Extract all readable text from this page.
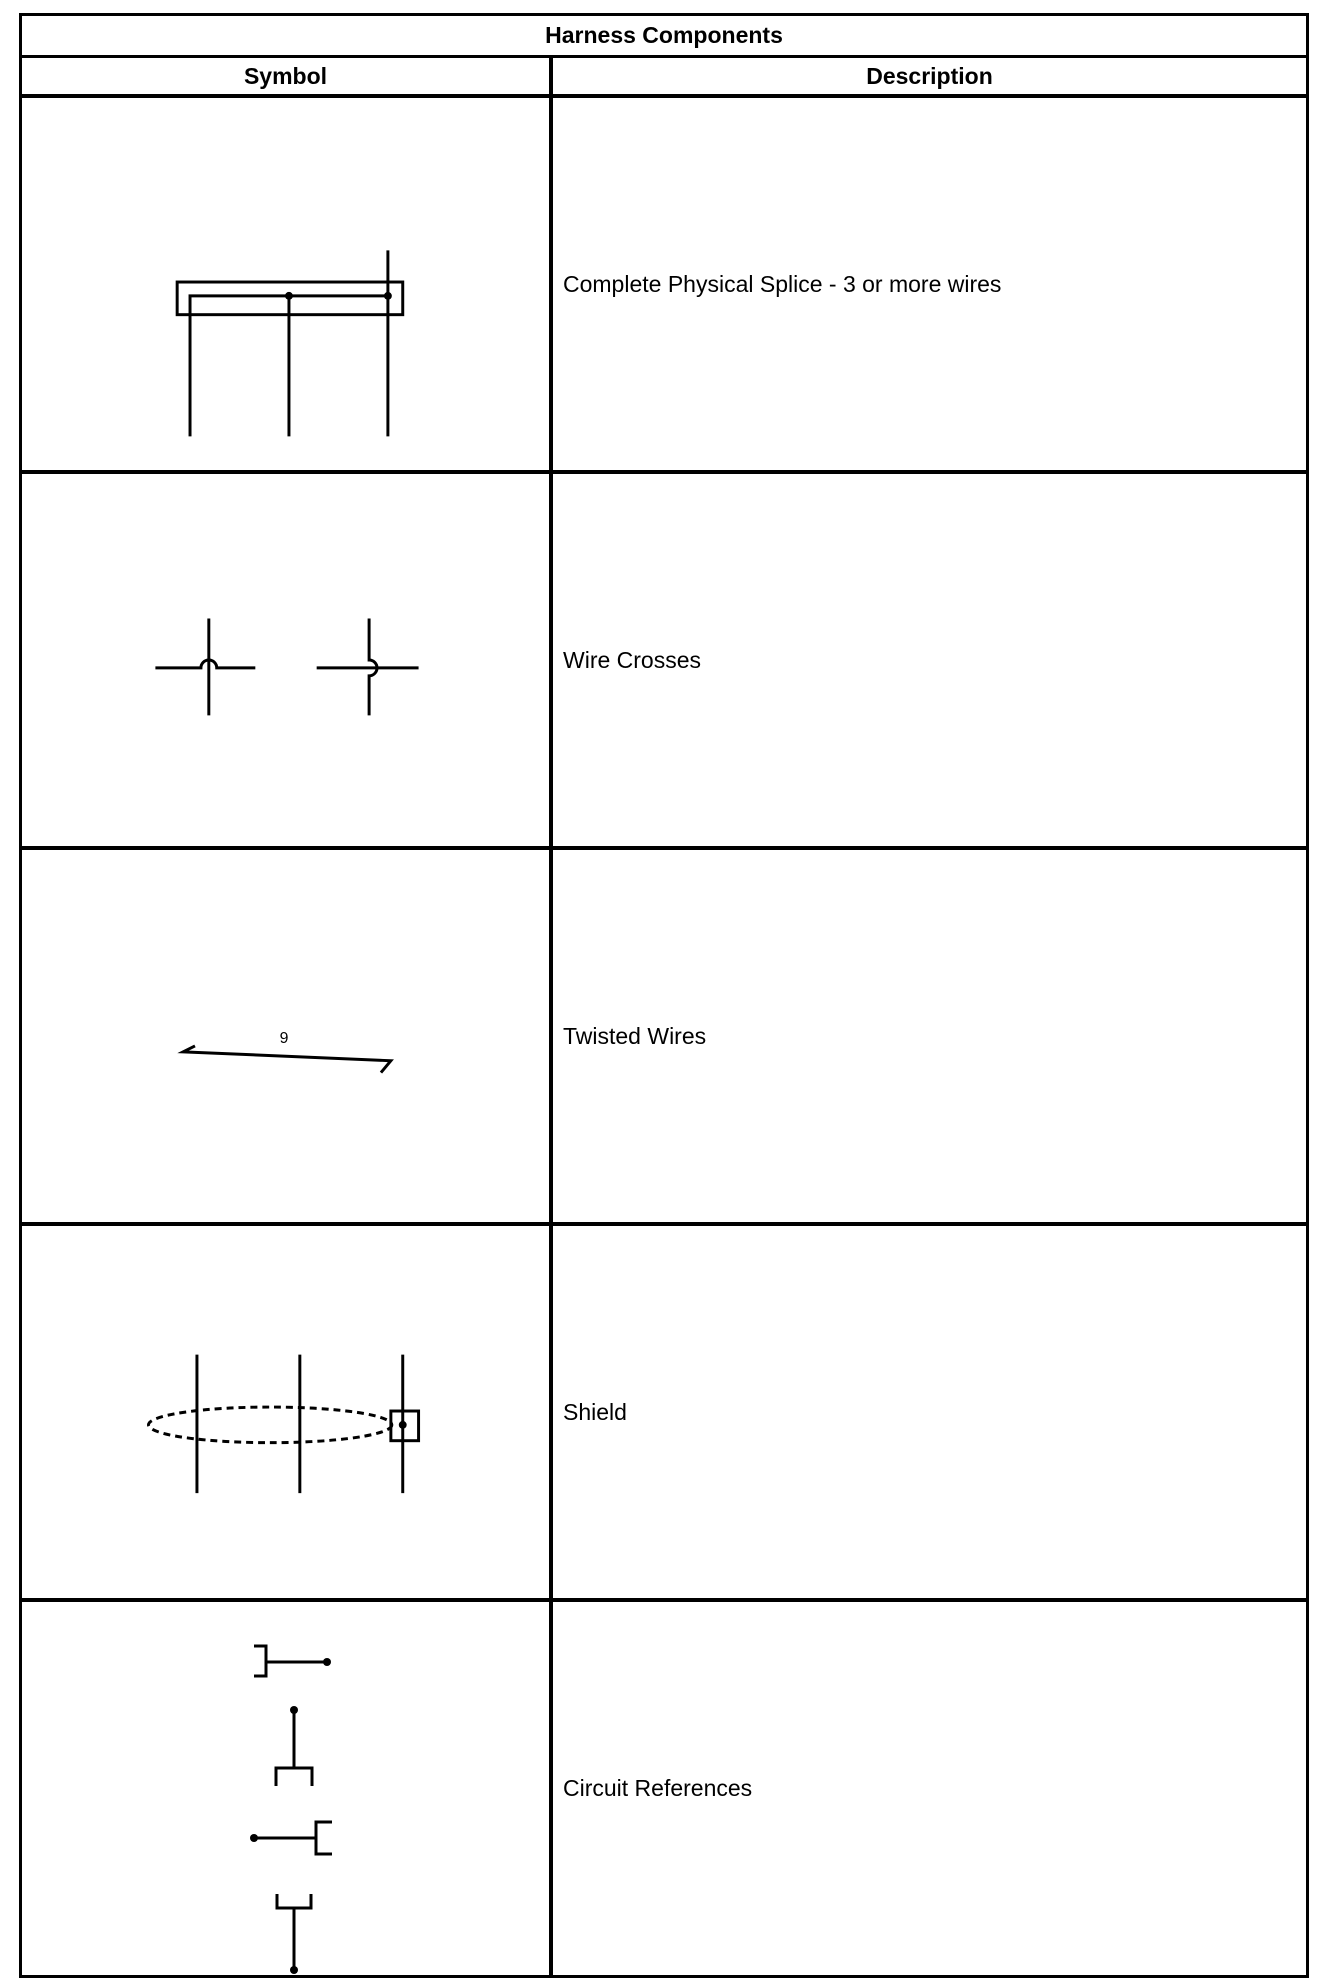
Harness Components
Symbol	Description
Complete Physical Splice - 3 or more wires
Wire Crosses
9	Twisted Wires
Shield
Circuit References
